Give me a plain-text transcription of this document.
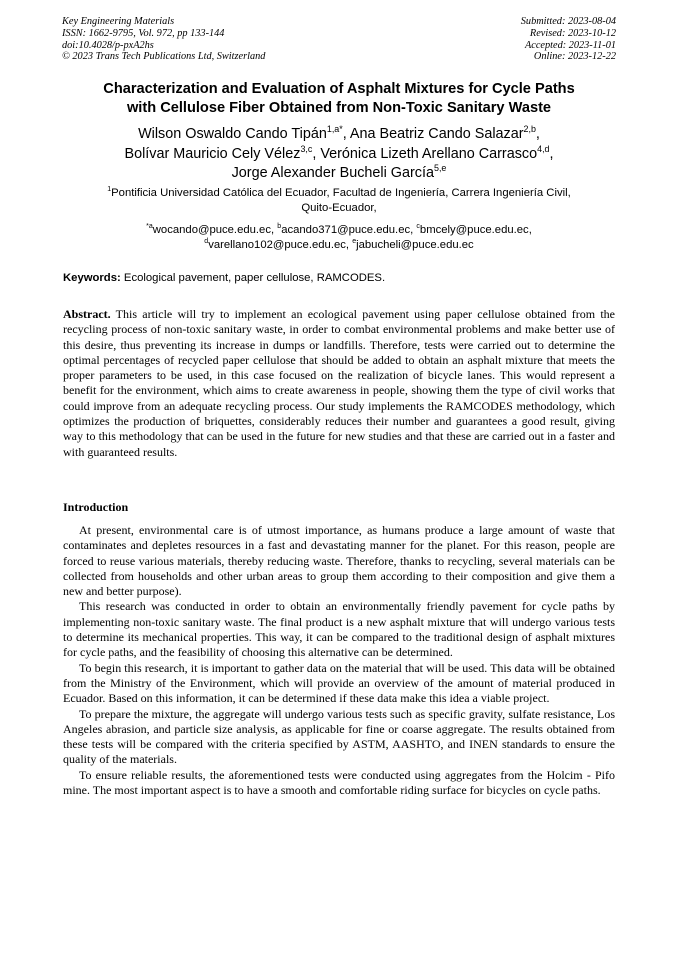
Key Engineering Materials
ISSN: 1662-9795, Vol. 972, pp 133-144
doi:10.4028/p-pxA2hs
© 2023 Trans Tech Publications Ltd, Switzerland
Submitted: 2023-08-04
Revised: 2023-10-12
Accepted: 2023-11-01
Online: 2023-12-22
Characterization and Evaluation of Asphalt Mixtures for Cycle Paths
with Cellulose Fiber Obtained from Non-Toxic Sanitary Waste
Wilson Oswaldo Cando Tipán$^{1,a*}$, Ana Beatriz Cando Salazar$^{2,b}$,
Bolívar Mauricio Cely Vélez$^{3,c}$, Verónica Lizeth Arellano Carrasco$^{4,d}$,
Jorge Alexander Bucheli García$^{5,e}$
$^1$Pontificia Universidad Católica del Ecuador, Facultad de Ingeniería, Carrera Ingeniería Civil,
Quito-Ecuador,
$^{*a}$wocando@puce.edu.ec, $^b$acando371@puce.edu.ec, $^c$bmcely@puce.edu.ec,
$^d$varellano102@puce.edu.ec, $^e$jabucheli@puce.edu.ec
Keywords: Ecological pavement, paper cellulose, RAMCODES.
Abstract. This article will try to implement an ecological pavement using paper cellulose obtained from the recycling process of non-toxic sanitary waste, in order to combat environmental problems and make better use of this desire, thus preventing its increase in dumps or landfills. Therefore, tests were carried out to determine the optimal percentages of recycled paper cellulose that should be added to obtain an asphalt mixture that meets the proper parameters to be used, in this case focused on the realization of bicycle lanes. This would represent a benefit for the environment, which aims to create awareness in people, showing them the type of civil works that could improve from an adequate recycling process. Our study implements the RAMCODES methodology, which optimizes the production of briquettes, considerably reduces their number and guarantees a good result, giving way to this methodology that can be used in the future for new studies and that these are carried out in a faster and with guaranteed results.
Introduction

At present, environmental care is of utmost importance, as humans produce a large amount of waste that contaminates and depletes resources in a fast and devastating manner for the planet. For this reason, people are forced to reuse various materials, thereby reducing waste. Therefore, thanks to recycling, several materials can be collected from households and other urban areas to group them according to their composition and give them a new and better purpose).

This research was conducted in order to obtain an environmentally friendly pavement for cycle paths by implementing non-toxic sanitary waste. The final product is a new asphalt mixture that will undergo various tests to determine its mechanical properties. This way, it can be compared to the traditional design of asphalt mixtures for cycle paths, and the feasibility of choosing this alternative can be determined.

To begin this research, it is important to gather data on the material that will be used. This data will be obtained from the Ministry of the Environment, which will provide an overview of the amount of material produced in Ecuador. Based on this information, it can be determined if these data make this idea a viable project.

To prepare the mixture, the aggregate will undergo various tests such as specific gravity, sulfate resistance, Los Angeles abrasion, and particle size analysis, as applicable for fine or coarse aggregate. The results obtained from these tests will be compared with the criteria specified by ASTM, AASHTO, and INEN standards to ensure the quality of the materials.

To ensure reliable results, the aforementioned tests were conducted using aggregates from the Holcim - Pifo mine. The most important aspect is to have a smooth and comfortable riding surface for bicycles on cycle paths.
